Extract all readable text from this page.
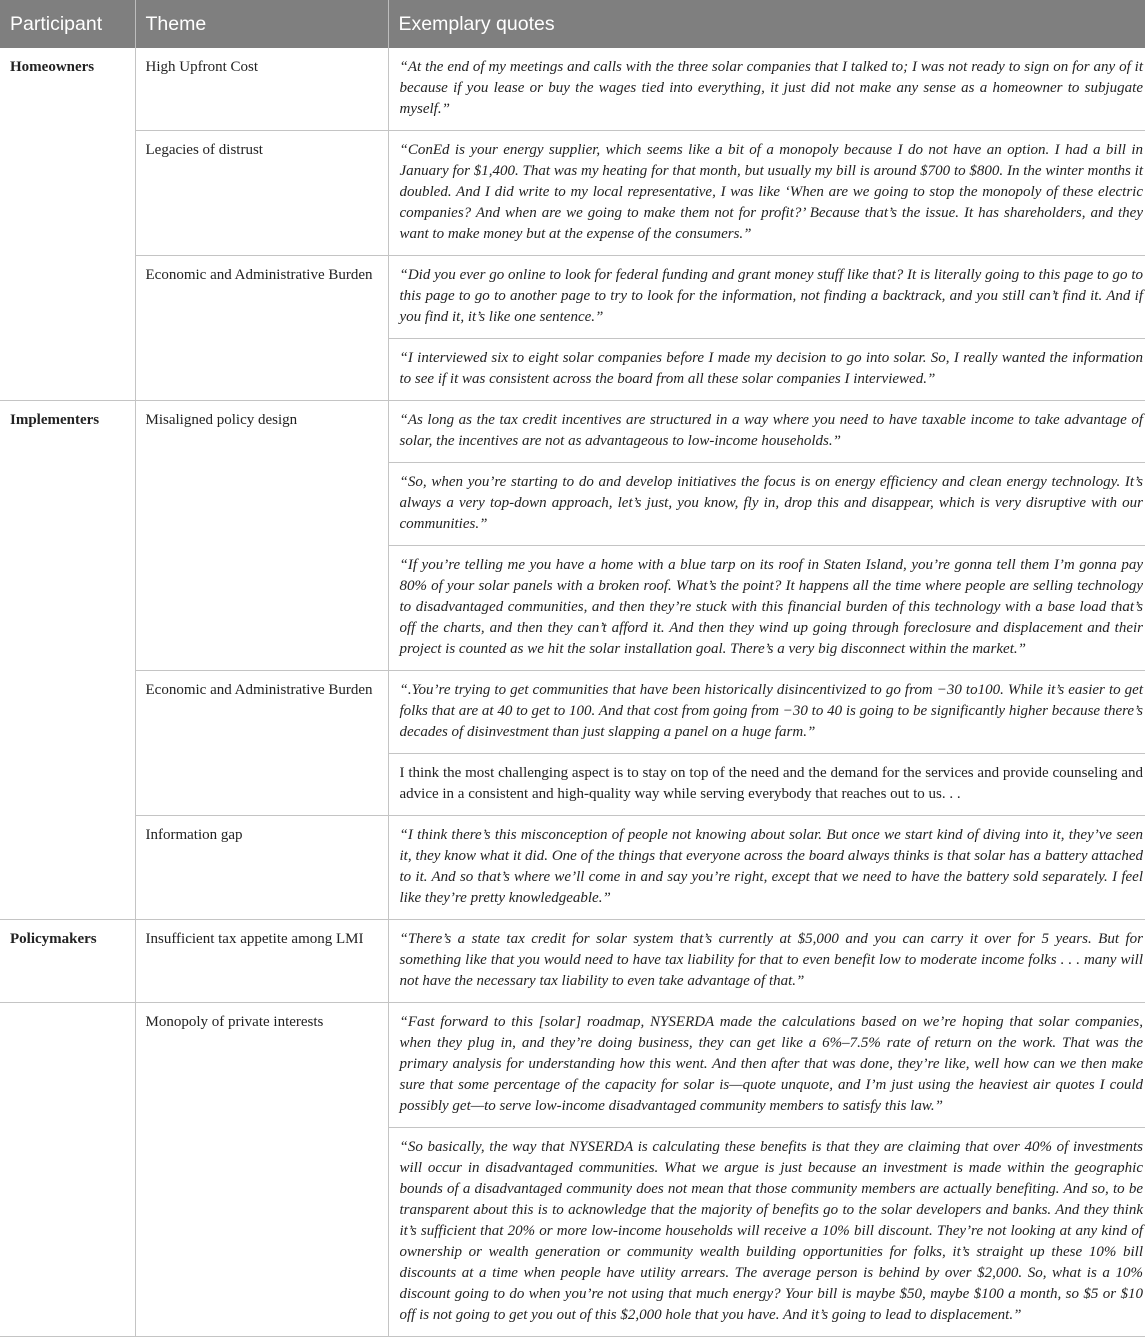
Participant	Theme	Exemplary quotes
Homeowners	High Upfront Cost	“At the end of my meetings and calls with the three solar companies that I talked to; I was not ready to sign on for any of it because if you lease or buy the wages tied into everything, it just did not make any sense as a homeowner to subjugate myself.”
	Legacies of distrust	“ConEd is your energy supplier, which seems like a bit of a monopoly because I do not have an option. I had a bill in January for $1,400. That was my heating for that month, but usually my bill is around $700 to $800. In the winter months it doubled. And I did write to my local representative, I was like ‘When are we going to stop the monopoly of these electric companies? And when are we going to make them not for profit?’ Because that’s the issue. It has shareholders, and they want to make money but at the expense of the consumers.”
	Economic and Administrative Burden	“Did you ever go online to look for federal funding and grant money stuff like that? It is literally going to this page to go to this page to go to another page to try to look for the information, not finding a backtrack, and you still can’t find it. And if you find it, it’s like one sentence.”
		“I interviewed six to eight solar companies before I made my decision to go into solar. So, I really wanted the information to see if it was consistent across the board from all these solar companies I interviewed.”
Implementers	Misaligned policy design	“As long as the tax credit incentives are structured in a way where you need to have taxable income to take advantage of solar, the incentives are not as advantageous to low-income households.”
		“So, when you’re starting to do and develop initiatives the focus is on energy efficiency and clean energy technology. It’s always a very top-down approach, let’s just, you know, fly in, drop this and disappear, which is very disruptive with our communities.”
		“If you’re telling me you have a home with a blue tarp on its roof in Staten Island, you’re gonna tell them I’m gonna pay 80% of your solar panels with a broken roof. What’s the point? It happens all the time where people are selling technology to disadvantaged communities, and then they’re stuck with this financial burden of this technology with a base load that’s off the charts, and then they can’t afford it. And then they wind up going through foreclosure and displacement and their project is counted as we hit the solar installation goal. There’s a very big disconnect within the market.”
	Economic and Administrative Burden	“.You’re trying to get communities that have been historically disincentivized to go from −30 to100. While it’s easier to get folks that are at 40 to get to 100. And that cost from going from −30 to 40 is going to be significantly higher because there’s decades of disinvestment than just slapping a panel on a huge farm.”
		I think the most challenging aspect is to stay on top of the need and the demand for the services and provide counseling and advice in a consistent and high-quality way while serving everybody that reaches out to us. . .
	Information gap	“I think there’s this misconception of people not knowing about solar. But once we start kind of diving into it, they’ve seen it, they know what it did. One of the things that everyone across the board always thinks is that solar has a battery attached to it. And so that’s where we’ll come in and say you’re right, except that we need to have the battery sold separately. I feel like they’re pretty knowledgeable.”
Policymakers	Insufficient tax appetite among LMI	“There’s a state tax credit for solar system that’s currently at $5,000 and you can carry it over for 5 years. But for something like that you would need to have tax liability for that to even benefit low to moderate income folks . . . many will not have the necessary tax liability to even take advantage of that.”
	Monopoly of private interests	“Fast forward to this [solar] roadmap, NYSERDA made the calculations based on we’re hoping that solar companies, when they plug in, and they’re doing business, they can get like a 6%–7.5% rate of return on the work. That was the primary analysis for understanding how this went. And then after that was done, they’re like, well how can we then make sure that some percentage of the capacity for solar is—quote unquote, and I’m just using the heaviest air quotes I could possibly get—to serve low-income disadvantaged community members to satisfy this law.”
		“So basically, the way that NYSERDA is calculating these benefits is that they are claiming that over 40% of investments will occur in disadvantaged communities. What we argue is just because an investment is made within the geographic bounds of a disadvantaged community does not mean that those community members are actually benefiting. And so, to be transparent about this is to acknowledge that the majority of benefits go to the solar developers and banks. And they think it’s sufficient that 20% or more low-income households will receive a 10% bill discount. They’re not looking at any kind of ownership or wealth generation or community wealth building opportunities for folks, it’s straight up these 10% bill discounts at a time when people have utility arrears. The average person is behind by over $2,000. So, what is a 10% discount going to do when you’re not using that much energy? Your bill is maybe $50, maybe $100 a month, so $5 or $10 off is not going to get you out of this $2,000 hole that you have. And it’s going to lead to displacement.”
